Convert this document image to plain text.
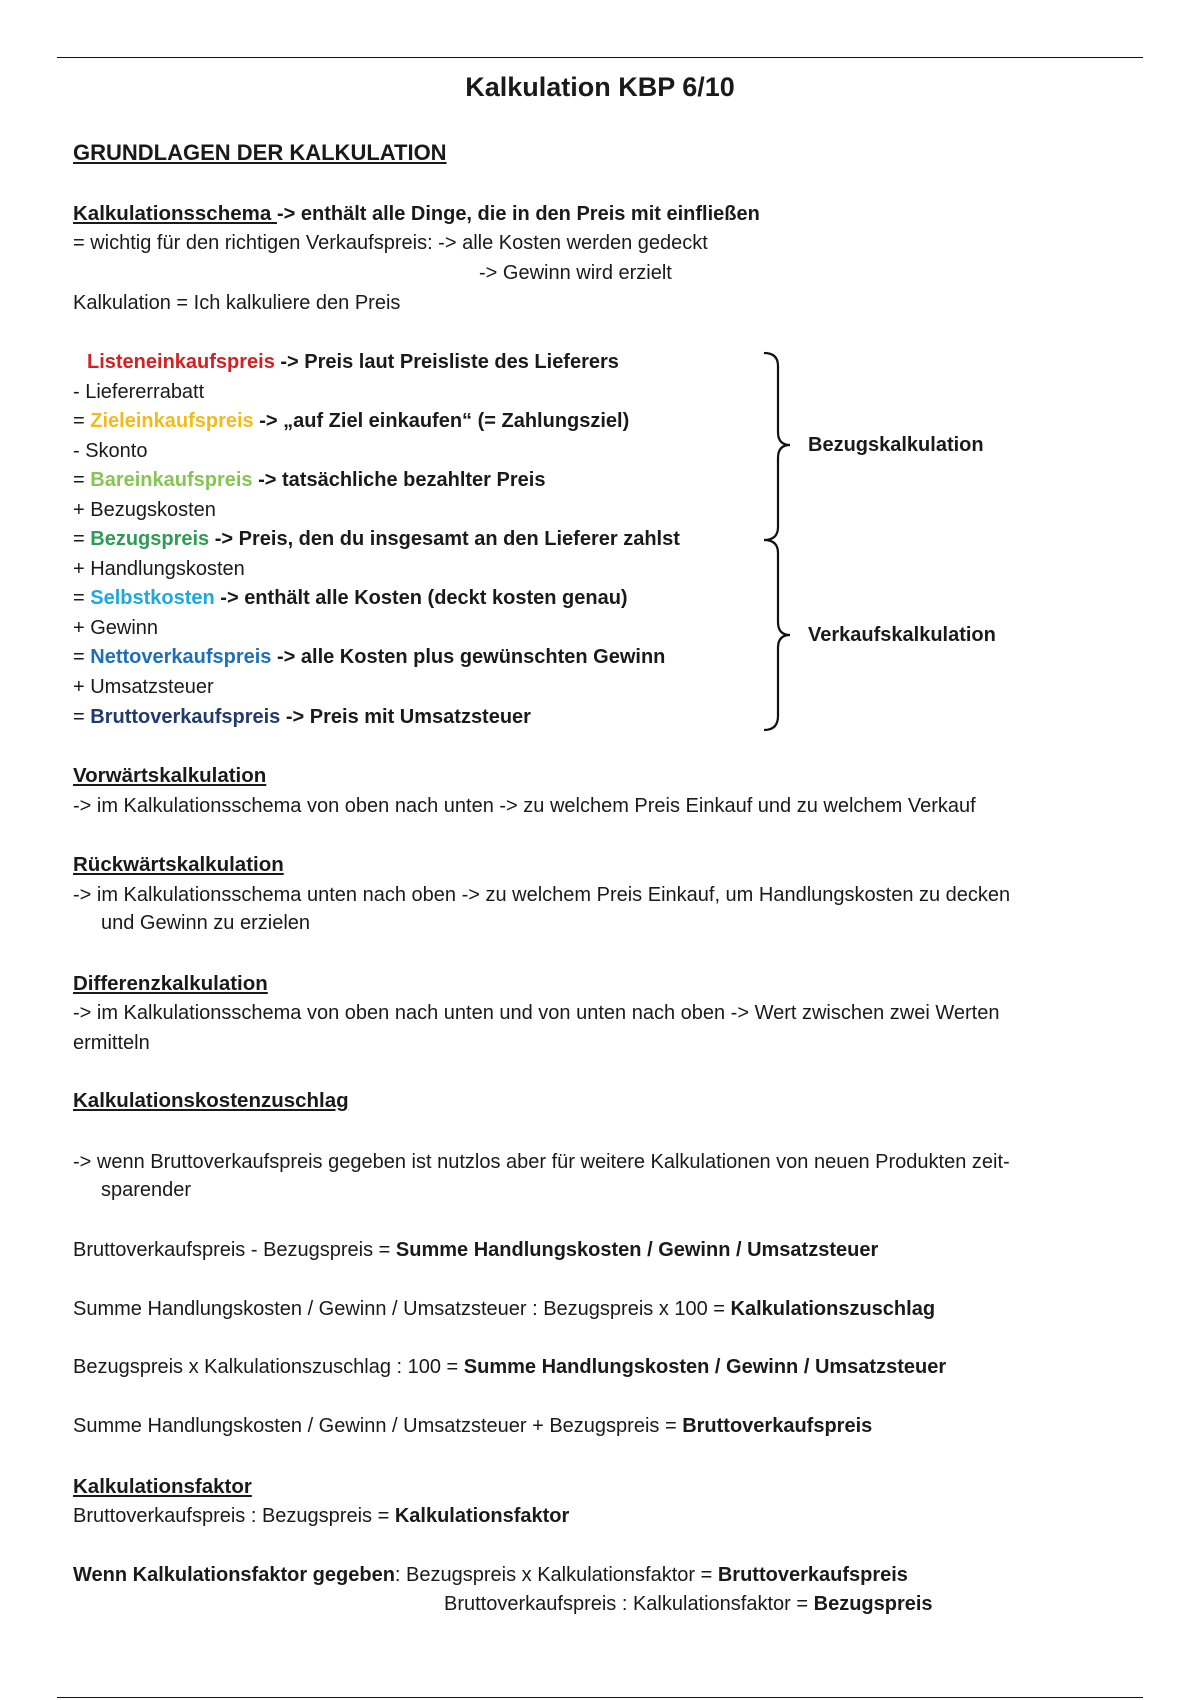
Kalkulation KBP 6/10
GRUNDLAGEN DER KALKULATION
Kalkulationsschema -> enthält alle Dinge, die in den Preis mit einfließen
= wichtig für den richtigen Verkaufspreis: -> alle Kosten werden gedeckt
-> Gewinn wird erzielt
Kalkulation = Ich kalkuliere den Preis
Listeneinkaufspreis -> Preis laut Preisliste des Lieferers
- Liefererrabatt
= Zieleinkaufspreis -> „auf Ziel einkaufen“ (= Zahlungsziel)
- Skonto
= Bareinkaufspreis -> tatsächliche bezahlter Preis
+ Bezugskosten
= Bezugspreis -> Preis, den du insgesamt an den Lieferer zahlst
+ Handlungskosten
= Selbstkosten -> enthält alle Kosten (deckt kosten genau)
+ Gewinn
= Nettoverkaufspreis -> alle Kosten plus gewünschten Gewinn
+ Umsatzsteuer
= Bruttoverkaufspreis -> Preis mit Umsatzsteuer
Bezugskalkulation
Verkaufskalkulation
Vorwärtskalkulation
-> im Kalkulationsschema von oben nach unten -> zu welchem Preis Einkauf und zu welchem Verkauf
Rückwärtskalkulation
-> im Kalkulationsschema unten nach oben -> zu welchem Preis Einkauf, um Handlungskosten zu decken
und Gewinn zu erzielen
Differenzkalkulation
-> im Kalkulationsschema von oben nach unten und von unten nach oben -> Wert zwischen zwei Werten
ermitteln
Kalkulationskostenzuschlag
-> wenn Bruttoverkaufspreis gegeben ist nutzlos aber für weitere Kalkulationen von neuen Produkten zeit-
sparender
Bruttoverkaufspreis - Bezugspreis = Summe Handlungskosten / Gewinn / Umsatzsteuer
Summe Handlungskosten / Gewinn / Umsatzsteuer : Bezugspreis x 100 = Kalkulationszuschlag
Bezugspreis x Kalkulationszuschlag : 100 = Summe Handlungskosten / Gewinn / Umsatzsteuer
Summe Handlungskosten / Gewinn / Umsatzsteuer + Bezugspreis = Bruttoverkaufspreis
Kalkulationsfaktor
Bruttoverkaufspreis : Bezugspreis = Kalkulationsfaktor
Wenn Kalkulationsfaktor gegeben: Bezugspreis x Kalkulationsfaktor = Bruttoverkaufspreis
Bruttoverkaufspreis : Kalkulationsfaktor = Bezugspreis
